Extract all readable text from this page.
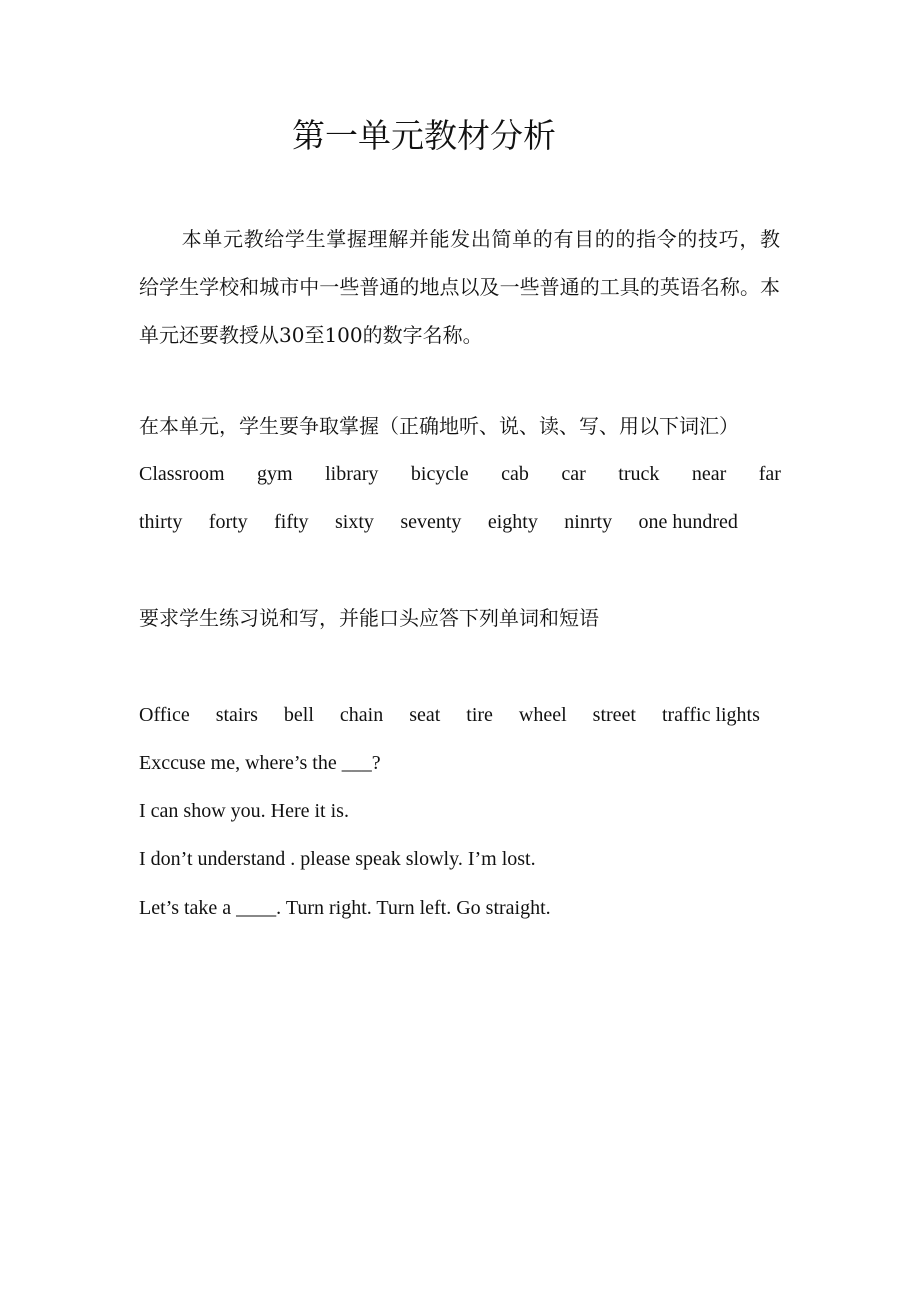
第一单元教材分析
本单元教给学生掌握理解并能发出简单的有目的的指令的技巧，教给学生学校和城市中一些普通的地点以及一些普通的工具的英语名称。本单元还要教授从30至100的数字名称。
在本单元，学生要争取掌握（正确地听、说、读、写、用以下词汇）
Classroom gym library bicycle cab car truck near far
thirty forty fifty sixty seventy eighty ninrty one hundred
要求学生练习说和写，并能口头应答下列单词和短语
Office stairs bell chain seat tire wheel street traffic lights
Exccuse me, where’s the ___?
I can show you. Here it is.
I don’t understand . please speak slowly. I’m lost.
Let’s take a ____. Turn right. Turn left. Go straight.
